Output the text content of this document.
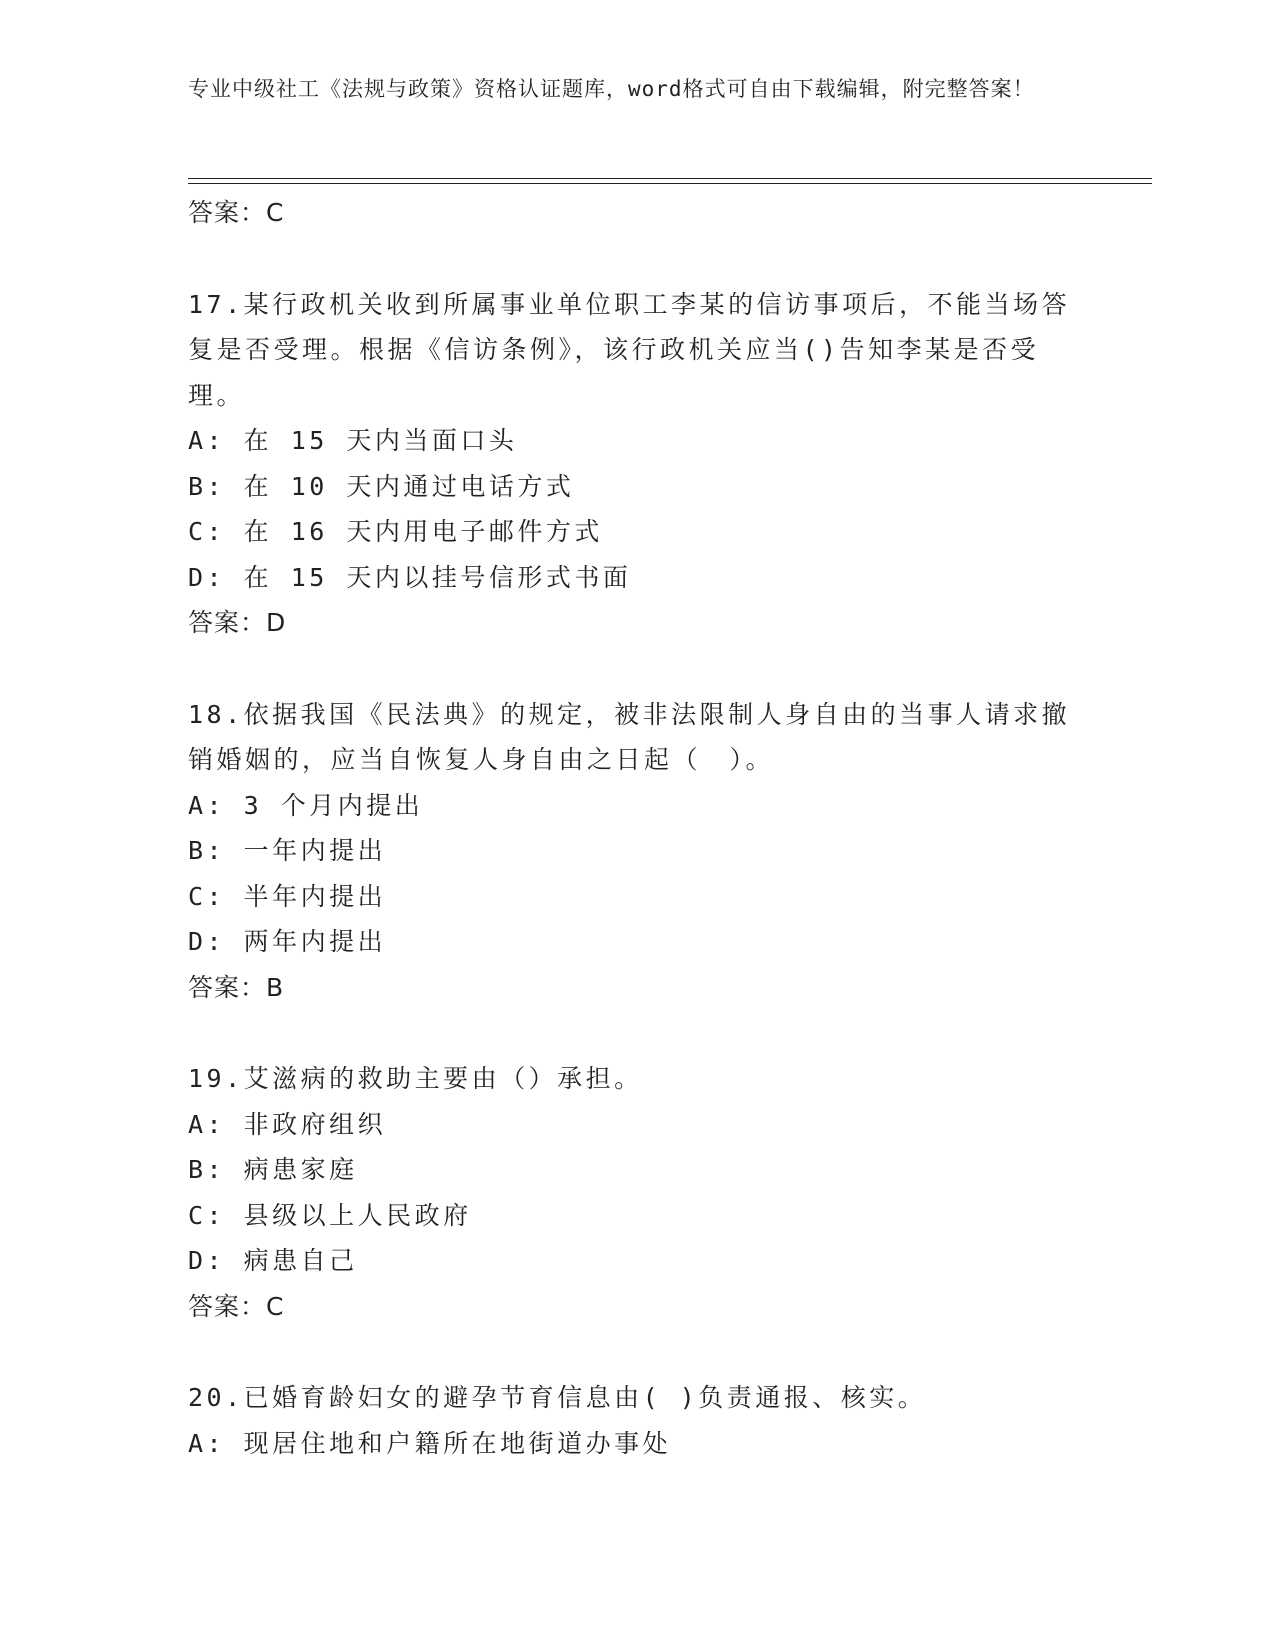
专业中级社工《法规与政策》资格认证题库，word格式可自由下载编辑，附完整答案！
答案：C
17.某行政机关收到所属事业单位职工李某的信访事项后，不能当场答
复是否受理。根据《信访条例》，该行政机关应当()告知李某是否受
理。
A: 在 15 天内当面口头
B: 在 10 天内通过电话方式
C: 在 16 天内用电子邮件方式
D: 在 15 天内以挂号信形式书面
答案：D
18.依据我国《民法典》的规定，被非法限制人身自由的当事人请求撤
销婚姻的，应当自恢复人身自由之日起（　）。
A: 3 个月内提出
B: 一年内提出
C: 半年内提出
D: 两年内提出
答案：B
19.艾滋病的救助主要由（）承担。
A: 非政府组织
B: 病患家庭
C: 县级以上人民政府
D: 病患自己
答案：C
20.已婚育龄妇女的避孕节育信息由( )负责通报、核实。
A: 现居住地和户籍所在地街道办事处
